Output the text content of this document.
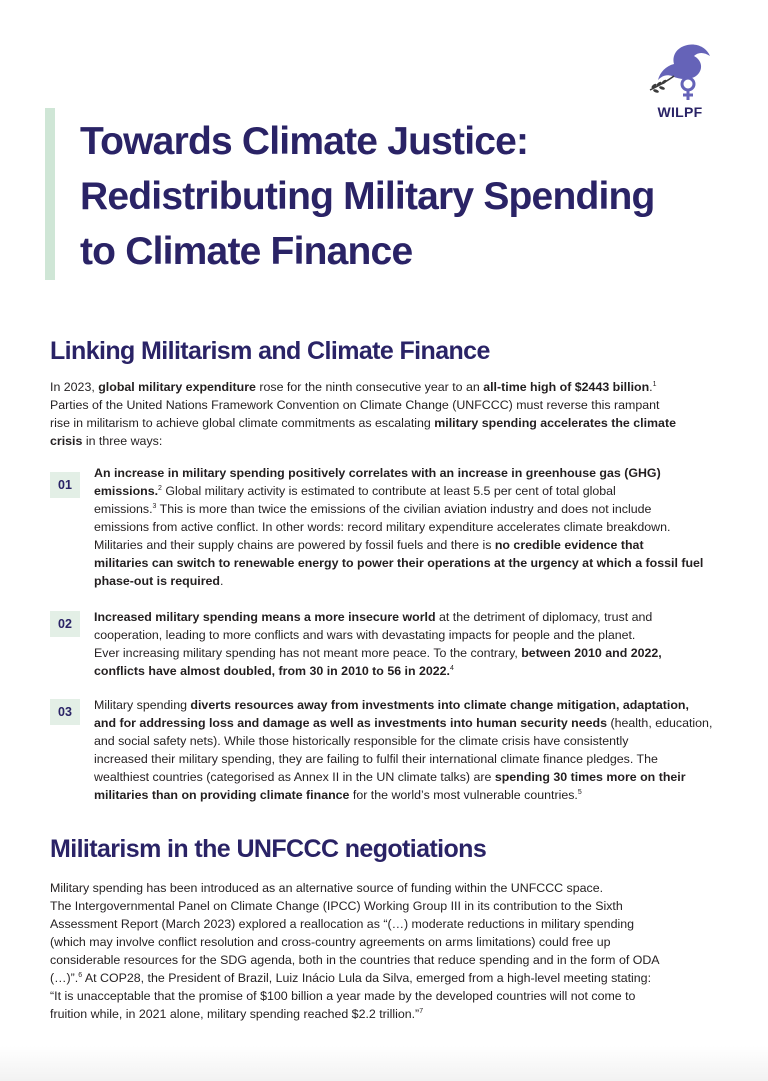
WILPF
Towards Climate Justice:
Redistributing Military Spending
to Climate Finance
Linking Militarism and Climate Finance
In 2023, global military expenditure rose for the ninth consecutive year to an all-time high of $2443 billion.$^1$
Parties of the United Nations Framework Convention on Climate Change (UNFCCC) must reverse this rampant
rise in militarism to achieve global climate commitments as escalating military spending accelerates the climate
crisis in three ways:
01
An increase in military spending positively correlates with an increase in greenhouse gas (GHG)
emissions.$^2$ Global military activity is estimated to contribute at least 5.5 per cent of total global
emissions.$^3$ This is more than twice the emissions of the civilian aviation industry and does not include
emissions from active conflict. In other words: record military expenditure accelerates climate breakdown.
Militaries and their supply chains are powered by fossil fuels and there is no credible evidence that
militaries can switch to renewable energy to power their operations at the urgency at which a fossil fuel
phase-out is required.
02	Increased military spending means a more insecure world at the detriment of diplomacy, trust and
cooperation, leading to more conflicts and wars with devastating impacts for people and the planet.
Ever increasing military spending has not meant more peace. To the contrary, between 2010 and 2022,
conflicts have almost doubled, from 30 in 2010 to 56 in 2022.$^4$
03	Military spending diverts resources away from investments into climate change mitigation, adaptation,
and for addressing loss and damage as well as investments into human security needs (health, education,
and social safety nets). While those historically responsible for the climate crisis have consistently
increased their military spending, they are failing to fulfil their international climate finance pledges. The
wealthiest countries (categorised as Annex II in the UN climate talks) are spending 30 times more on their
militaries than on providing climate finance for the world’s most vulnerable countries.$^5$
Militarism in the UNFCCC negotiations
Military spending has been introduced as an alternative source of funding within the UNFCCC space.
The Intergovernmental Panel on Climate Change (IPCC) Working Group III in its contribution to the Sixth
Assessment Report (March 2023) explored a reallocation as “(…) moderate reductions in military spending
(which may involve conflict resolution and cross-country agreements on arms limitations) could free up
considerable resources for the SDG agenda, both in the countries that reduce spending and in the form of ODA
(…)”.$^6$ At COP28, the President of Brazil, Luiz Inácio Lula da Silva, emerged from a high-level meeting stating:
“It is unacceptable that the promise of $100 billion a year made by the developed countries will not come to
fruition while, in 2021 alone, military spending reached $2.2 trillion.”$^7$
